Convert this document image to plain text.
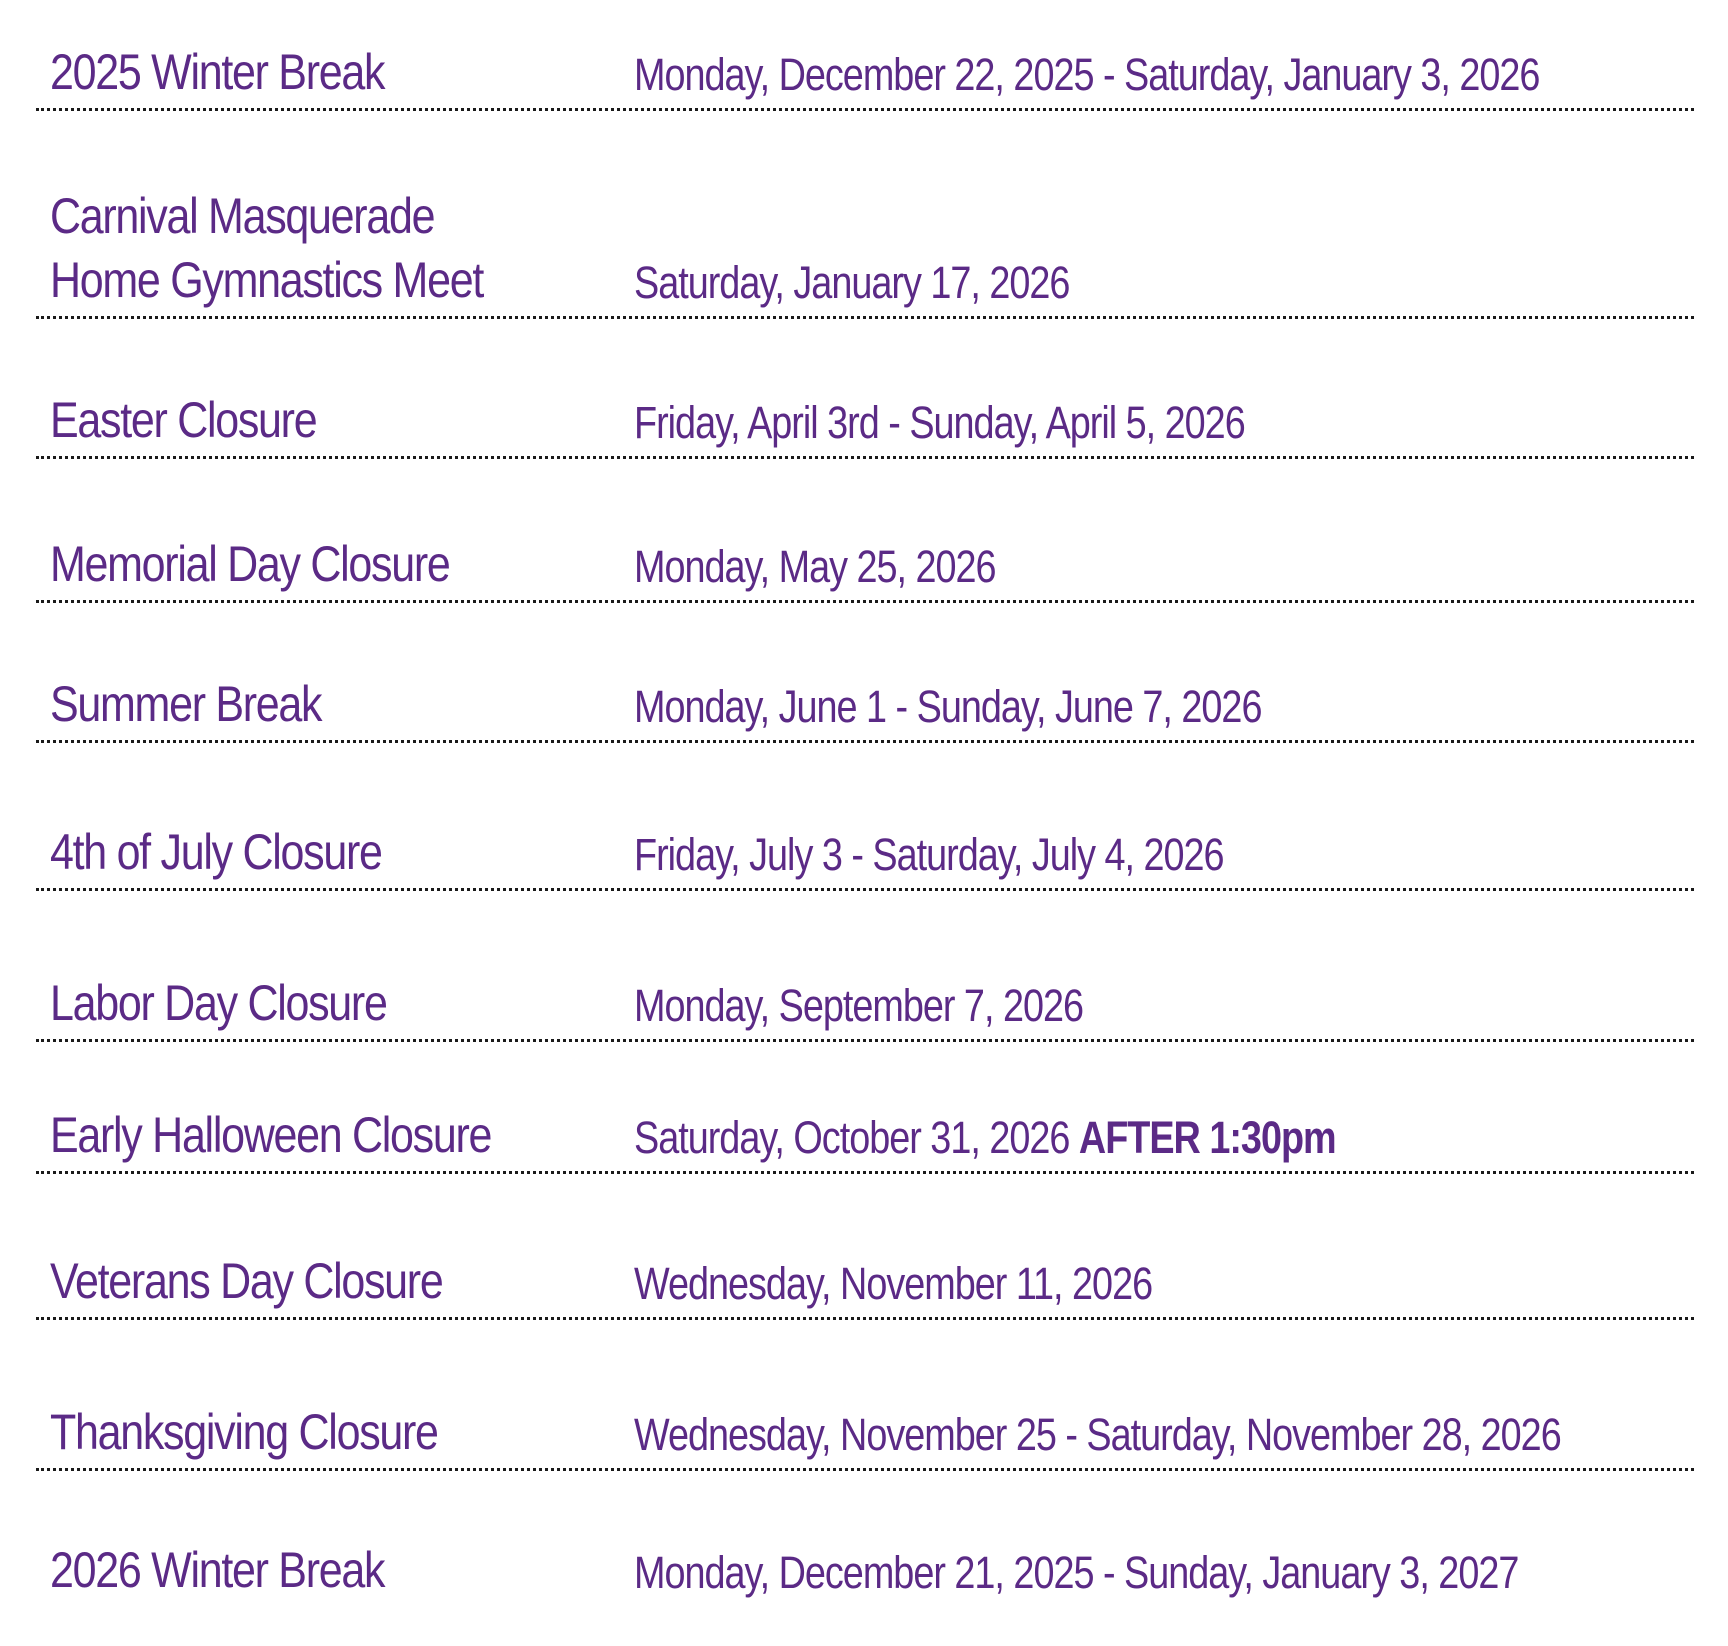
2025 Winter Break	Monday, December 22, 2025 - Saturday, January 3, 2026
Carnival Masquerade
Home Gymnastics Meet	Saturday, January 17, 2026
Easter Closure	Friday, April 3rd - Sunday, April 5, 2026
Memorial Day Closure	Monday, May 25, 2026
Summer Break	Monday, June 1 - Sunday, June 7, 2026
4th of July Closure	Friday, July 3 - Saturday, July 4, 2026
Labor Day Closure	Monday, September 7, 2026
Early Halloween Closure	Saturday, October 31, 2026 AFTER 1:30pm
Veterans Day Closure	Wednesday, November 11, 2026
Thanksgiving Closure	Wednesday, November 25 - Saturday, November 28, 2026
2026 Winter Break	Monday, December 21, 2025 - Sunday, January 3, 2027
